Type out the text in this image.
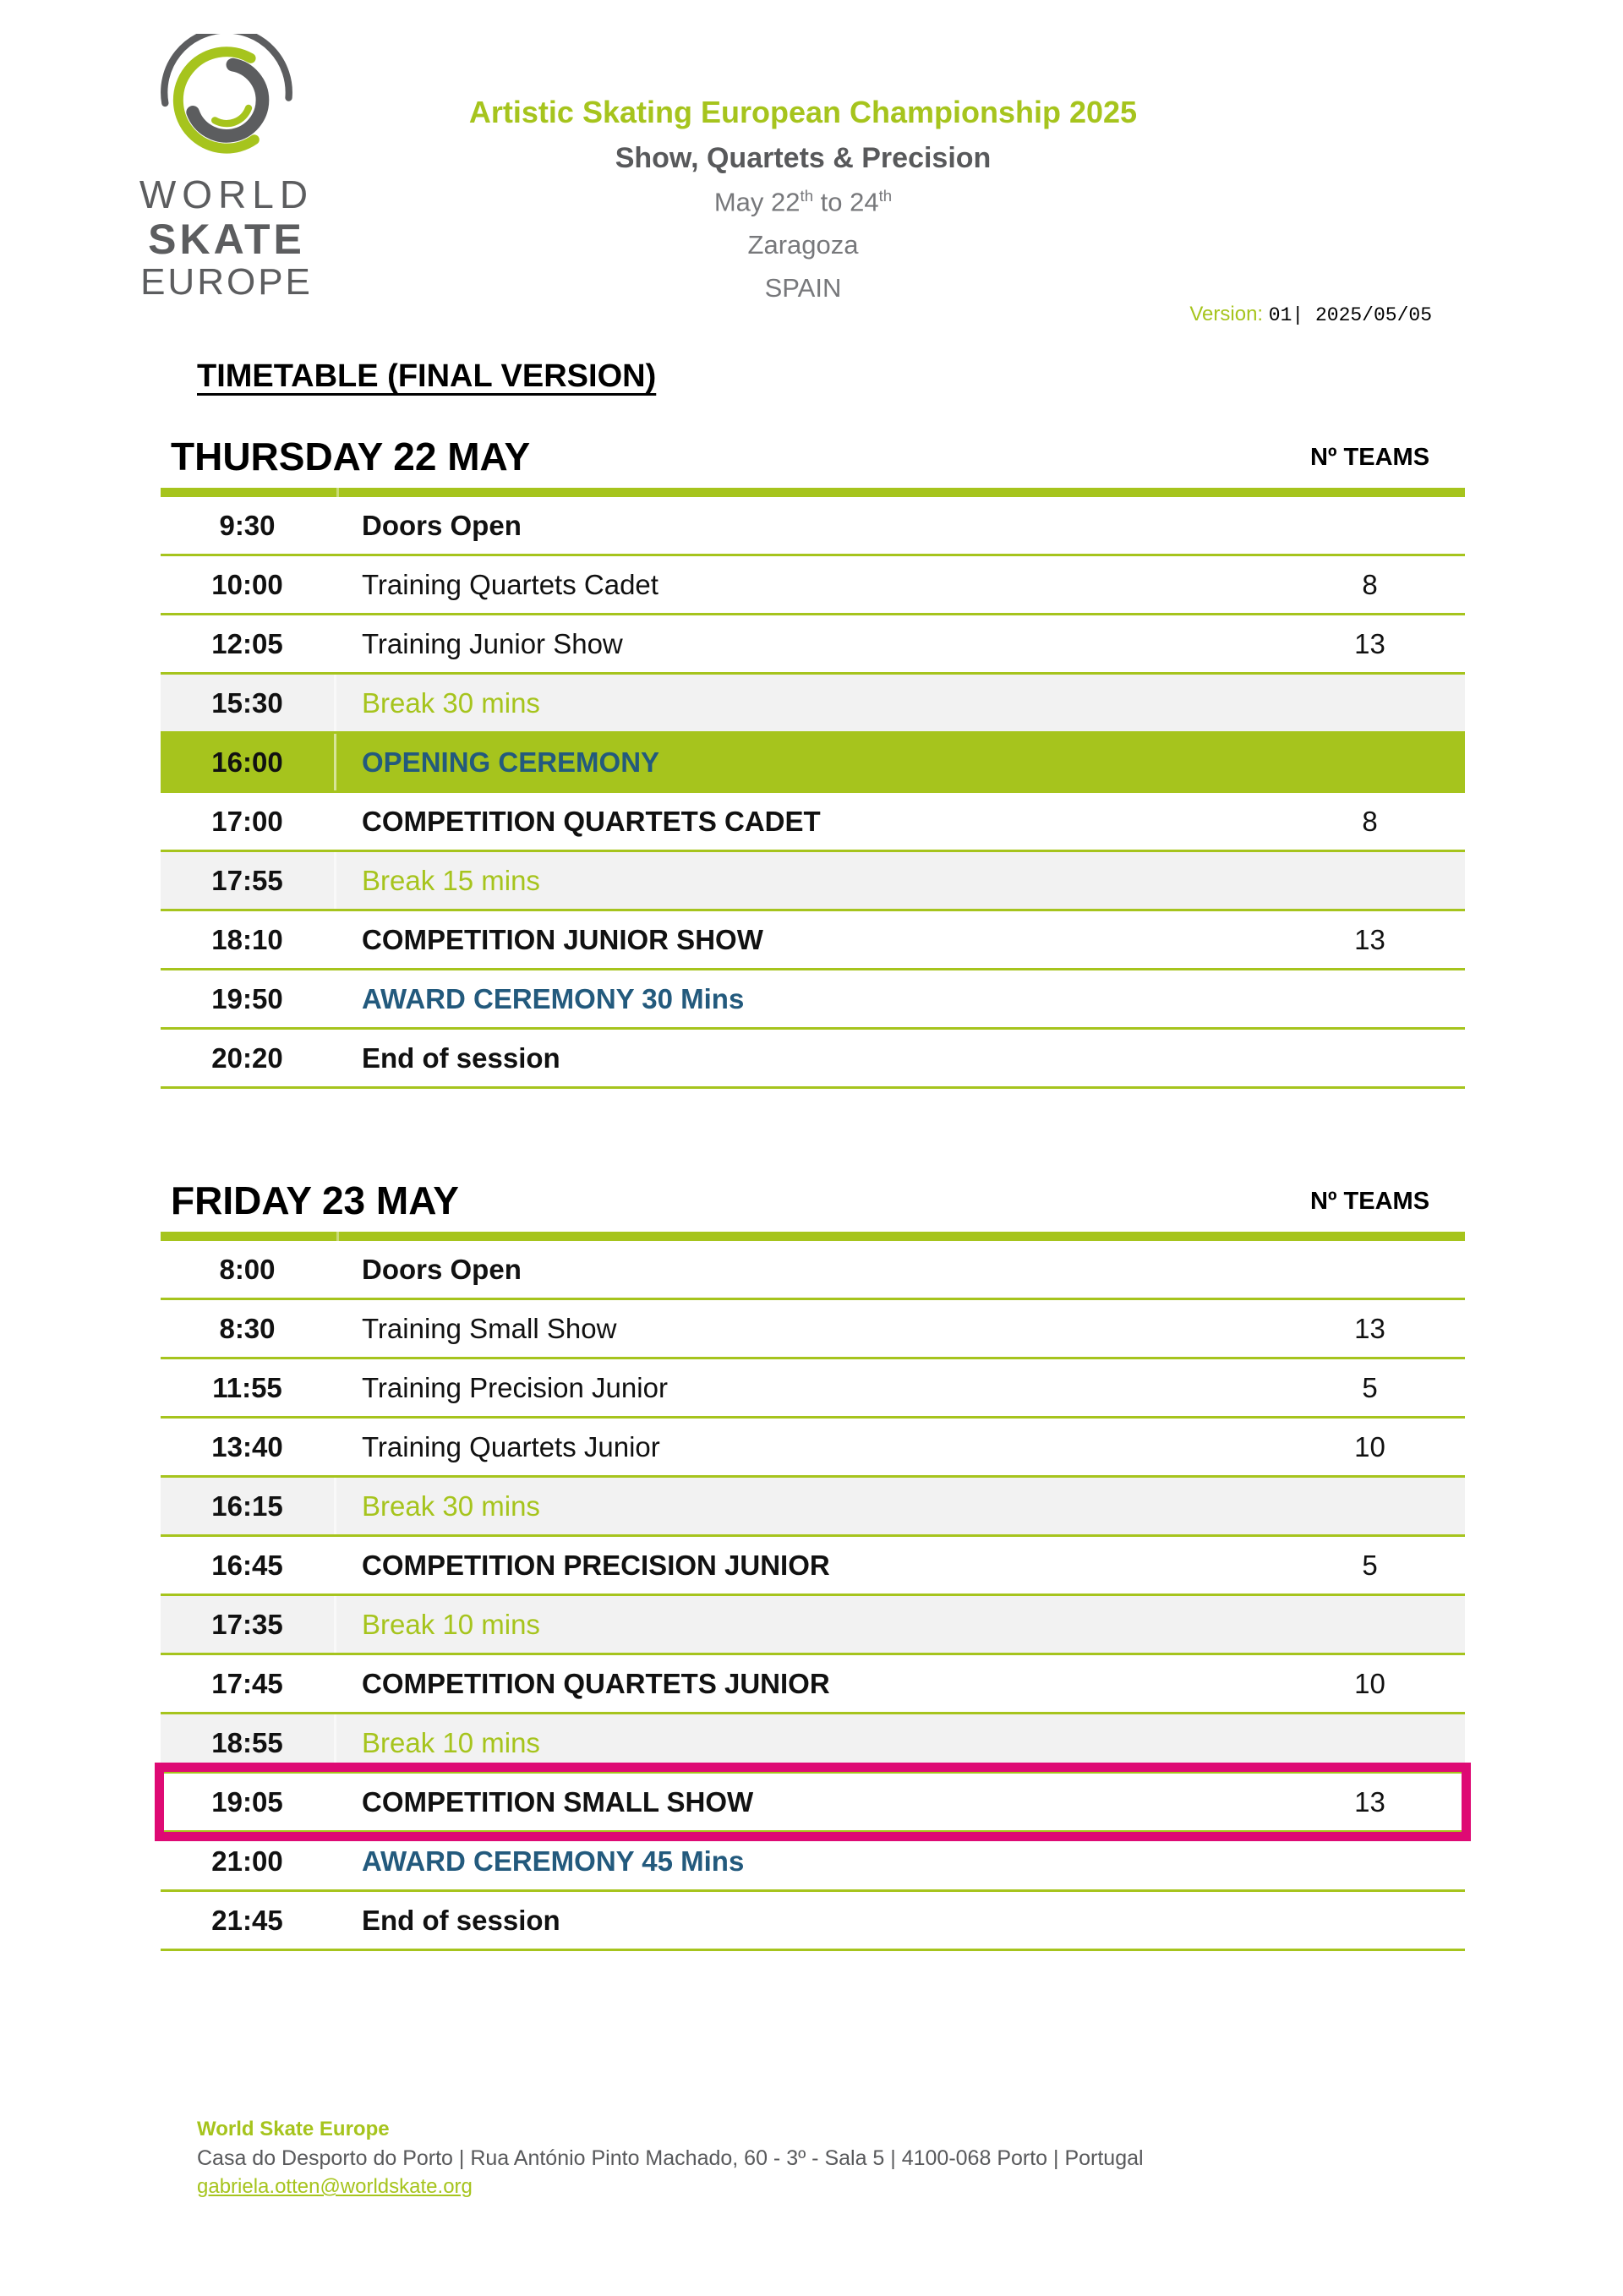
WORLD
SKATE
EUROPE
Artistic Skating European Championship 2025
Show, Quartets & Precision
May 22th to 24th
Zaragoza
SPAIN
Version: 01| 2025/05/05
TIMETABLE (FINAL VERSION)
THURSDAY 22 MAY	Nº TEAMS
9:30	Doors Open
10:00	Training Quartets Cadet	8
12:05	Training Junior Show	13
15:30	Break 30 mins
16:00	OPENING CEREMONY
17:00	COMPETITION QUARTETS CADET	8
17:55	Break 15 mins
18:10	COMPETITION JUNIOR SHOW	13
19:50	AWARD CEREMONY 30 Mins
20:20	End of session
FRIDAY 23 MAY	Nº TEAMS
8:00	Doors Open
8:30	Training Small Show	13
11:55	Training Precision Junior	5
13:40	Training Quartets Junior	10
16:15	Break 30 mins
16:45	COMPETITION PRECISION JUNIOR	5
17:35	Break 10 mins
17:45	COMPETITION QUARTETS JUNIOR	10
18:55	Break 10 mins
19:05	COMPETITION SMALL SHOW	13
21:00	AWARD CEREMONY 45 Mins
21:45	End of session
World Skate Europe
Casa do Desporto do Porto | Rua António Pinto Machado, 60 - 3º - Sala 5 | 4100-068 Porto | Portugal
gabriela.otten@worldskate.org
